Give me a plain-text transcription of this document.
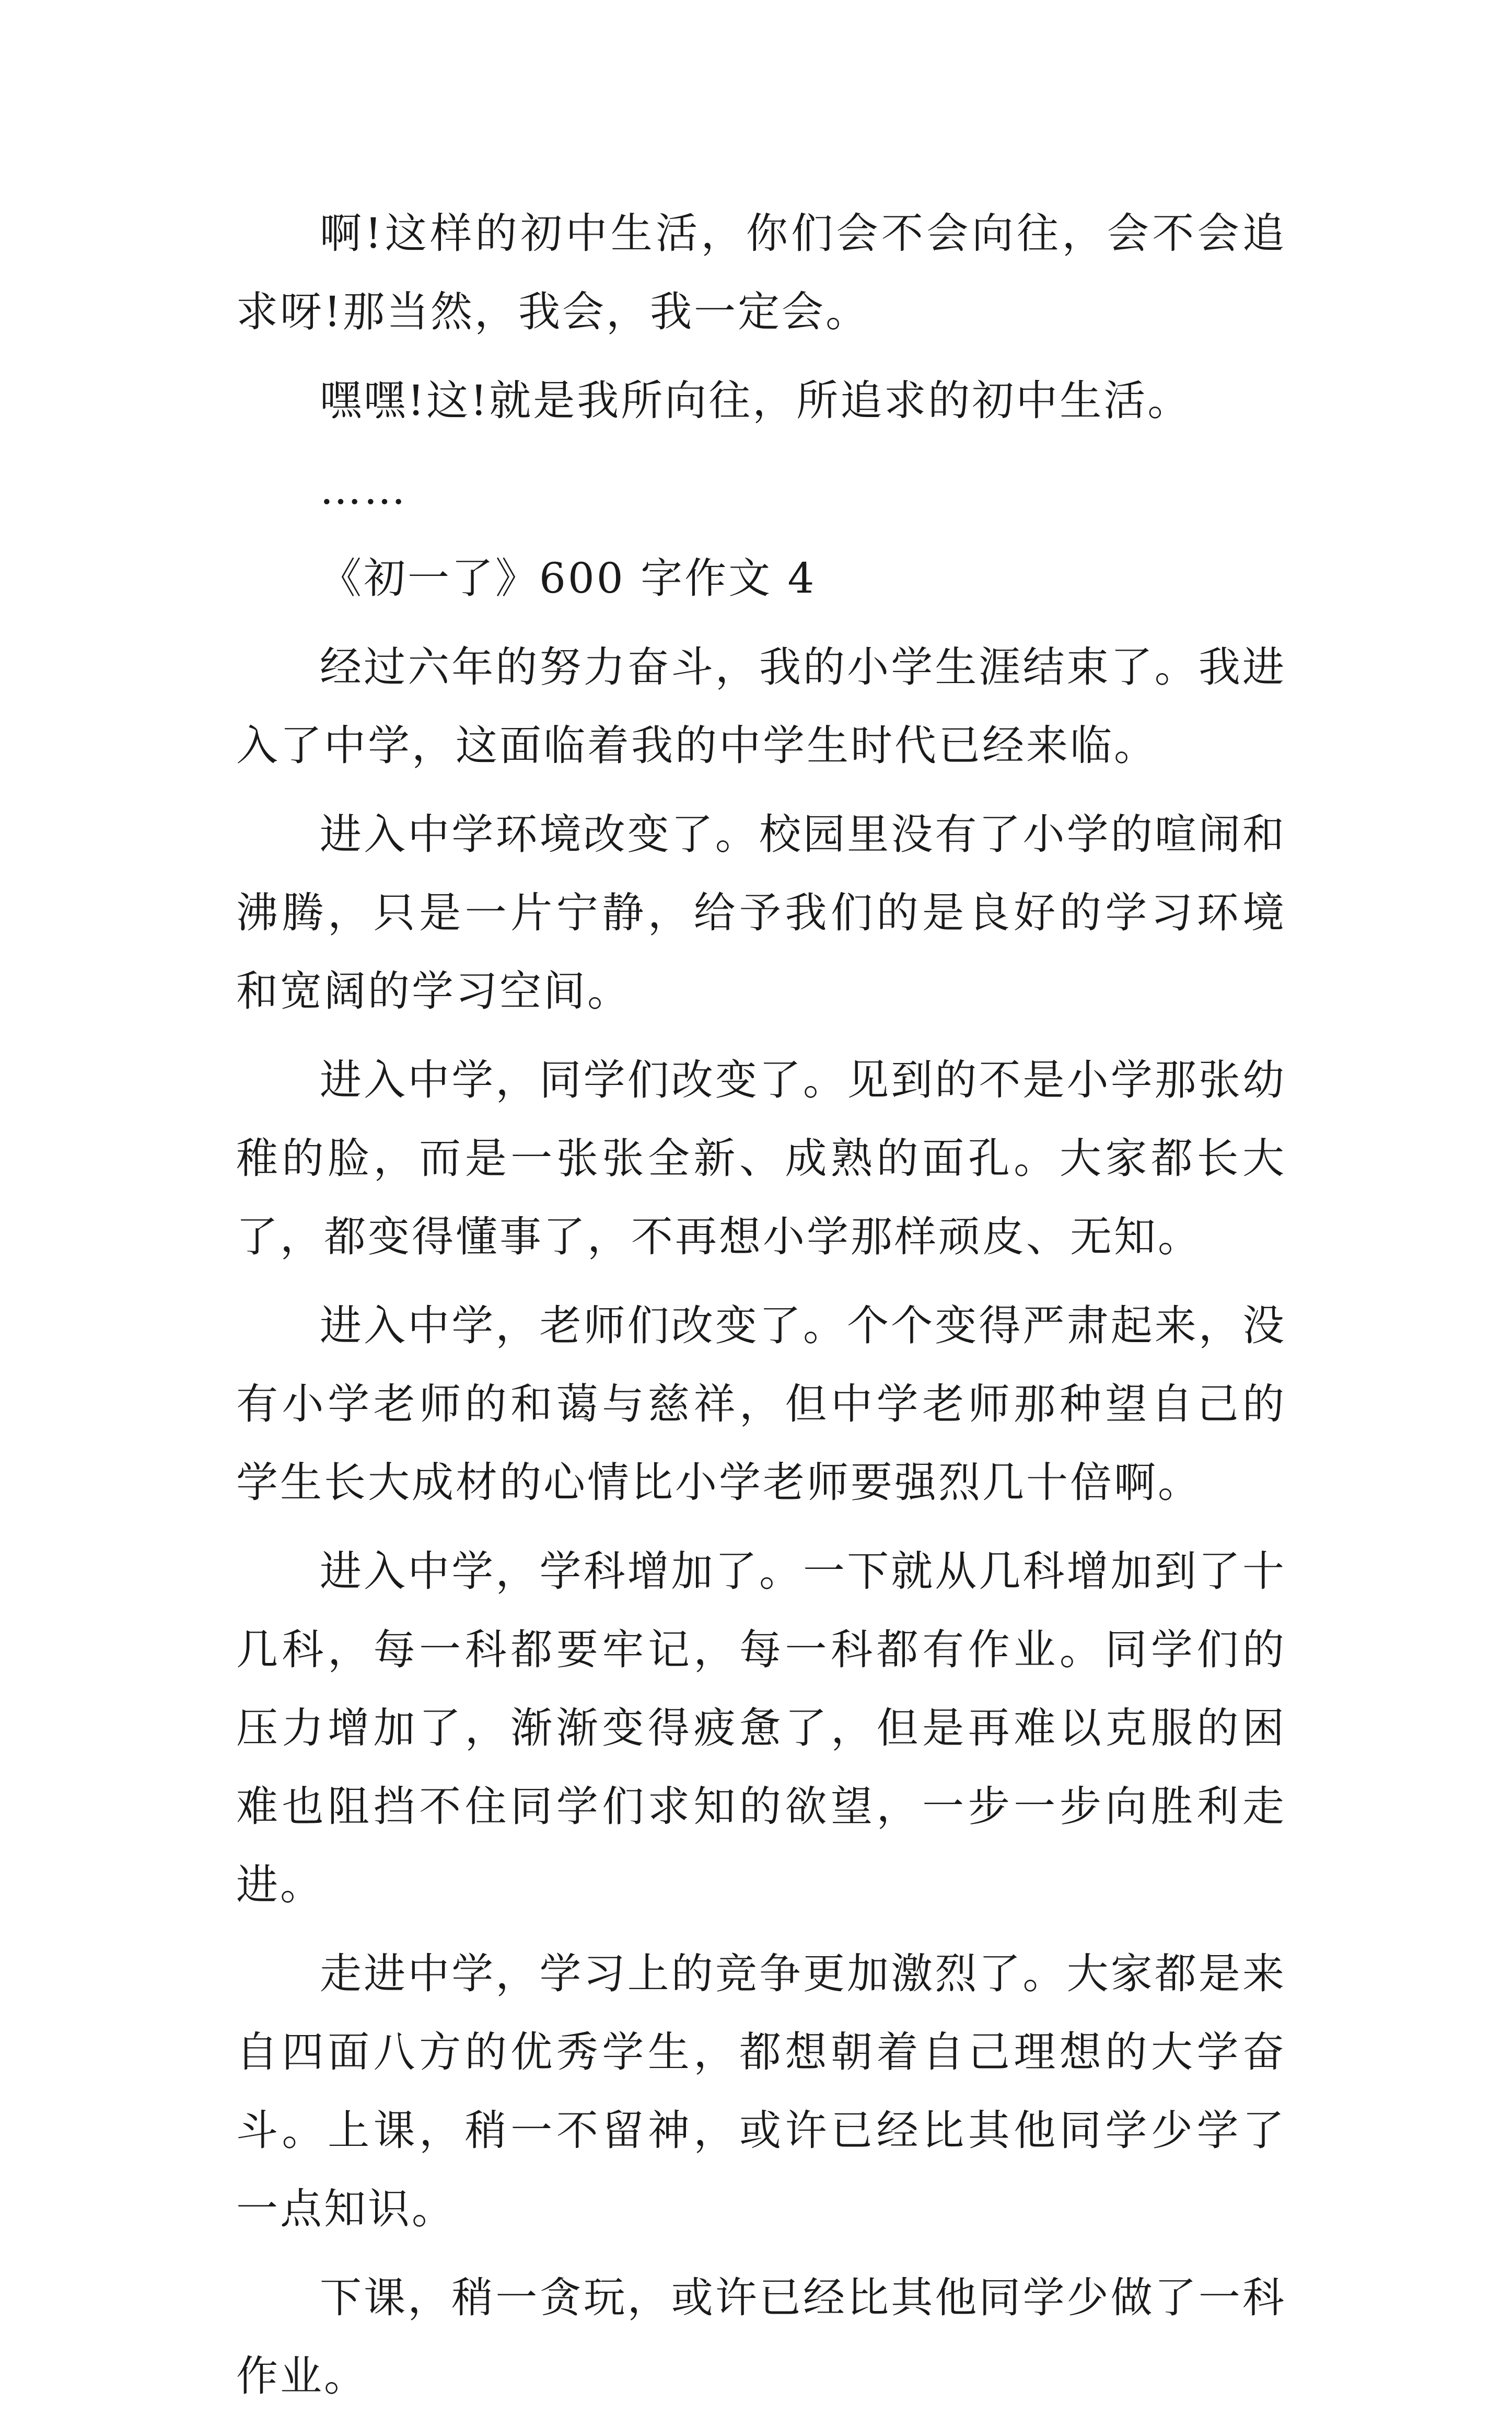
啊!这样的初中生活，你们会不会向往，会不会追求呀!那当然，我会，我一定会。

嘿嘿!这!就是我所向往，所追求的初中生活。

……

《初一了》600 字作文 4

经过六年的努力奋斗，我的小学生涯结束了。我进入了中学，这面临着我的中学生时代已经来临。

进入中学环境改变了。校园里没有了小学的喧闹和沸腾，只是一片宁静，给予我们的是良好的学习环境和宽阔的学习空间。

进入中学，同学们改变了。见到的不是小学那张幼稚的脸，而是一张张全新、成熟的面孔。大家都长大了，都变得懂事了，不再想小学那样顽皮、无知。

进入中学，老师们改变了。个个变得严肃起来，没有小学老师的和蔼与慈祥，但中学老师那种望自己的学生长大成材的心情比小学老师要强烈几十倍啊。

进入中学，学科增加了。一下就从几科增加到了十几科，每一科都要牢记，每一科都有作业。同学们的压力增加了，渐渐变得疲惫了，但是再难以克服的困难也阻挡不住同学们求知的欲望，一步一步向胜利走进。

走进中学，学习上的竞争更加激烈了。大家都是来自四面八方的优秀学生，都想朝着自己理想的大学奋斗。上课，稍一不留神，或许已经比其他同学少学了一点知识。

下课，稍一贪玩，或许已经比其他同学少做了一科作业。
